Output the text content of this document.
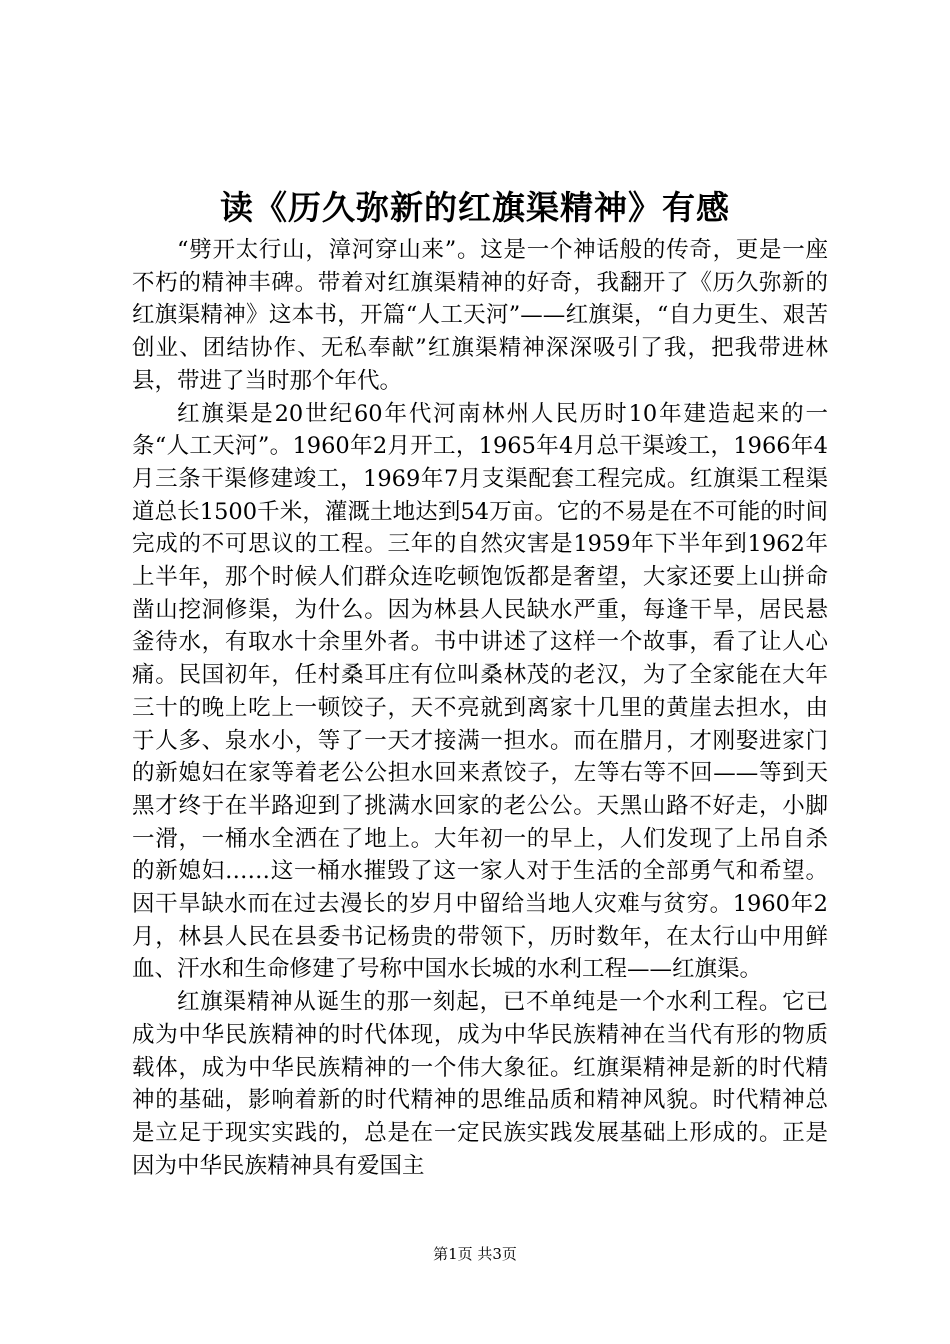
读《历久弥新的红旗渠精神》有感

“劈开太行山，漳河穿山来”。这是一个神话般的传奇，更是一座不朽的精神丰碑。带着对红旗渠精神的好奇，我翻开了《历久弥新的红旗渠精神》这本书，开篇“人工天河”——红旗渠，“自力更生、艰苦创业、团结协作、无私奉献”红旗渠精神深深吸引了我，把我带进林县，带进了当时那个年代。

红旗渠是20世纪60年代河南林州人民历时10年建造起来的一条“人工天河”。1960年2月开工，1965年4月总干渠竣工，1966年4月三条干渠修建竣工，1969年7月支渠配套工程完成。红旗渠工程渠道总长1500千米，灌溉土地达到54万亩。它的不易是在不可能的时间完成的不可思议的工程。三年的自然灾害是1959年下半年到1962年上半年，那个时候人们群众连吃顿饱饭都是奢望，大家还要上山拼命凿山挖洞修渠，为什么。因为林县人民缺水严重，每逢干旱，居民悬釜待水，有取水十余里外者。书中讲述了这样一个故事，看了让人心痛。民国初年，任村桑耳庄有位叫桑林茂的老汉，为了全家能在大年三十的晚上吃上一顿饺子，天不亮就到离家十几里的黄崖去担水，由于人多、泉水小，等了一天才接满一担水。而在腊月，才刚娶进家门的新媳妇在家等着老公公担水回来煮饺子，左等右等不回——等到天黑才终于在半路迎到了挑满水回家的老公公。天黑山路不好走，小脚一滑，一桶水全洒在了地上。大年初一的早上，人们发现了上吊自杀的新媳妇……这一桶水摧毁了这一家人对于生活的全部勇气和希望。因干旱缺水而在过去漫长的岁月中留给当地人灾难与贫穷。1960年2月，林县人民在县委书记杨贵的带领下，历时数年，在太行山中用鲜血、汗水和生命修建了号称中国水长城的水利工程——红旗渠。

红旗渠精神从诞生的那一刻起，已不单纯是一个水利工程。它已成为中华民族精神的时代体现，成为中华民族精神在当代有形的物质载体，成为中华民族精神的一个伟大象征。红旗渠精神是新的时代精神的基础，影响着新的时代精神的思维品质和精神风貌。时代精神总是立足于现实实践的，总是在一定民族实践发展基础上形成的。正是因为中华民族精神具有爱国主

第1页 共3页
